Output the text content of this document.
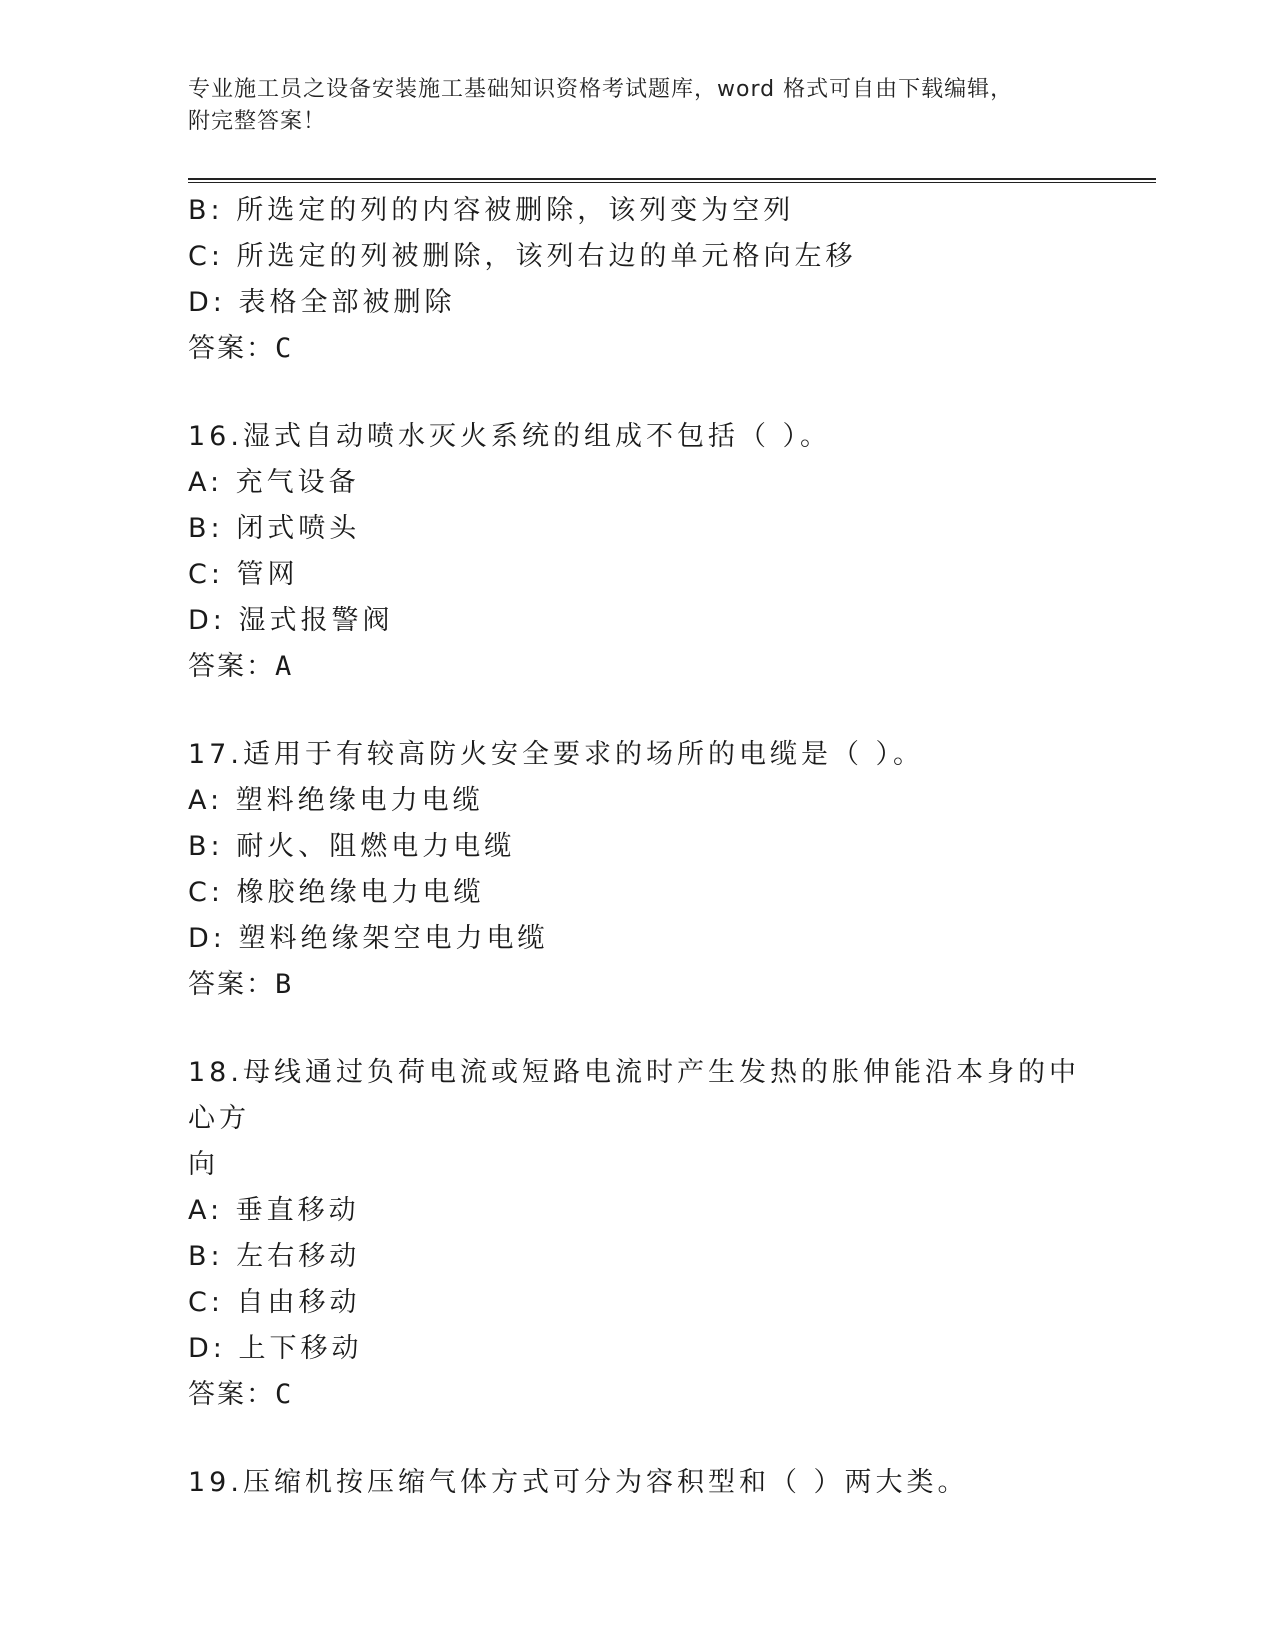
专业施工员之设备安装施工基础知识资格考试题库，word 格式可自由下载编辑，
附完整答案！
B: 所选定的列的内容被删除，该列变为空列
C: 所选定的列被删除，该列右边的单元格向左移
D: 表格全部被删除
答案：C
16.湿式自动喷水灭火系统的组成不包括（ ）。
A: 充气设备
B: 闭式喷头
C: 管网
D: 湿式报警阀
答案：A
17.适用于有较高防火安全要求的场所的电缆是（ ）。
A: 塑料绝缘电力电缆
B: 耐火、阻燃电力电缆
C: 橡胶绝缘电力电缆
D: 塑料绝缘架空电力电缆
答案：B
18.母线通过负荷电流或短路电流时产生发热的胀伸能沿本身的中心方
向
A: 垂直移动
B: 左右移动
C: 自由移动
D: 上下移动
答案：C
19.压缩机按压缩气体方式可分为容积型和（ ）两大类。
